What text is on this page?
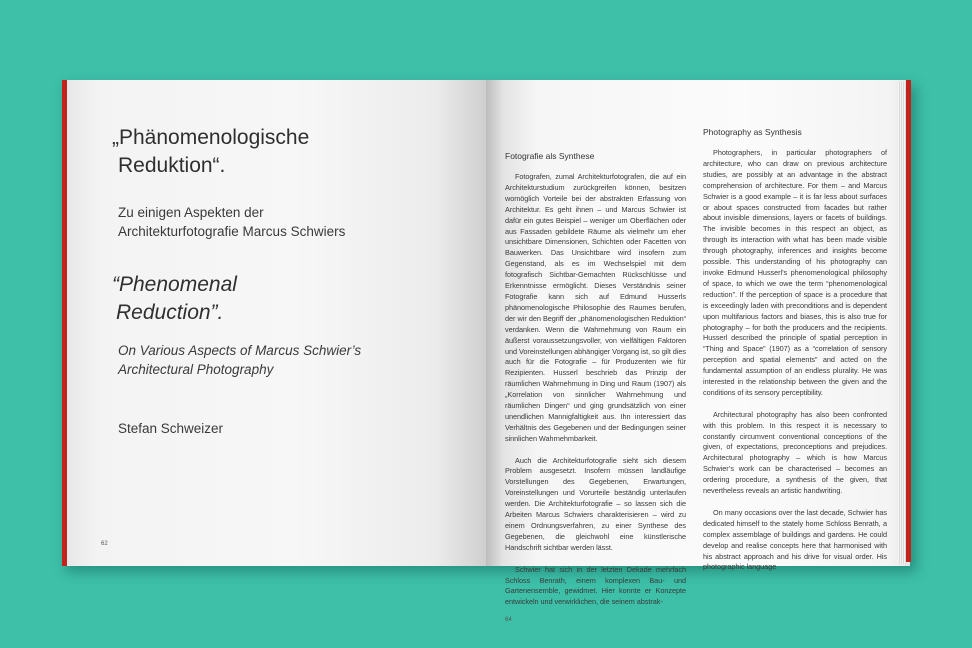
„Phänomenologische
Reduktion“.
Zu einigen Aspekten der
Architekturfotografie Marcus Schwiers
“Phenomenal
Reduction”.
On Various Aspects of Marcus Schwier’s
Architectural Photography
Stefan Schweizer
62
Fotografie als Synthese

Fotografen, zumal Architekturfotografen, die auf ein Architekturstudium zurückgreifen können, besitzen womöglich Vorteile bei der abstrakten Erfassung von Architektur. Es geht ihnen – und Marcus Schwier ist dafür ein gutes Beispiel – weniger um Oberflächen oder aus Fassaden gebildete Räume als vielmehr um eher unsichtbare Dimensionen, Schichten oder Facetten von Bauwerken. Das Unsichtbare wird insofern zum Gegenstand, als es im Wechselspiel mit dem fotografisch Sichtbar-Gemachten Rückschlüsse und Erkenntnisse ermöglicht. Dieses Verständnis seiner Fotografie kann sich auf Edmund Husserls phänomenologische Philosophie des Raumes berufen, der wir den Begriff der „phänomenologischen Reduktion“ verdanken. Wenn die Wahrnehmung von Raum ein äußerst voraussetzungsvoller, von vielfältigen Faktoren und Voreinstellungen abhängiger Vorgang ist, so gilt dies auch für die Fotografie – für Produzenten wie für Rezipienten. Husserl beschrieb das Prinzip der räumlichen Wahrnehmung in Ding und Raum (1907) als „Korrelation von sinnlicher Wahrnehmung und räumlichen Dingen“ und ging grundsätzlich von einer unendlichen Mannigfaltigkeit aus. Ihn interessiert das Verhältnis des Gegebenen und der Bedingungen seiner sinnlichen Wahrnehmbarkeit.

Auch die Architekturfotografie sieht sich diesem Problem ausgesetzt. Insofern müssen landläufige Vorstellungen des Gegebenen, Erwartungen, Voreinstellungen und Vorurteile beständig unterlaufen werden. Die Architekturfotografie – so lassen sich die Arbeiten Marcus Schwiers charakterisieren – wird zu einem Ordnungsverfahren, zu einer Synthese des Gegebenen, die gleichwohl eine künstlerische Handschrift sichtbar werden lässt.

Schwier hat sich in der letzten Dekade mehrfach Schloss Benrath, einem komplexen Bau- und Gartenensemble, gewidmet. Hier konnte er Konzepte entwickeln und verwirklichen, die seinem abstrak-

64
Photography as Synthesis

Photographers, in particular photographers of architecture, who can draw on previous architecture studies, are possibly at an advantage in the abstract comprehension of architecture. For them – and Marcus Schwier is a good example – it is far less about surfaces or about spaces constructed from facades but rather about invisible dimensions, layers or facets of buildings. The invisible becomes in this respect an object, as through its interaction with what has been made visible through photography, inferences and insights become possible. This understanding of his photography can invoke Edmund Husserl’s phenomenological philosophy of space, to which we owe the term “phenomenological reduction”. If the perception of space is a procedure that is exceedingly laden with preconditions and is dependent upon multifarious factors and biases, this is also true for photography – for both the producers and the recipients. Husserl described the principle of spatial perception in “Thing and Space” (1907) as a “correlation of sensory perception and spatial elements” and acted on the fundamental assumption of an endless plurality. He was interested in the relationship between the given and the conditions of its sensory perceptibility.

Architectural photography has also been confronted with this problem. In this respect it is necessary to constantly circumvent conventional conceptions of the given, of expectations, preconceptions and prejudices. Architectural photography – which is how Marcus Schwier’s work can be characterised – becomes an ordering procedure, a synthesis of the given, that nevertheless reveals an artistic handwriting.

On many occasions over the last decade, Schwier has dedicated himself to the stately home Schloss Benrath, a complex assemblage of buildings and gardens. He could develop and realise concepts here that harmonised with his abstract approach and his drive for visual order. His photographic language
